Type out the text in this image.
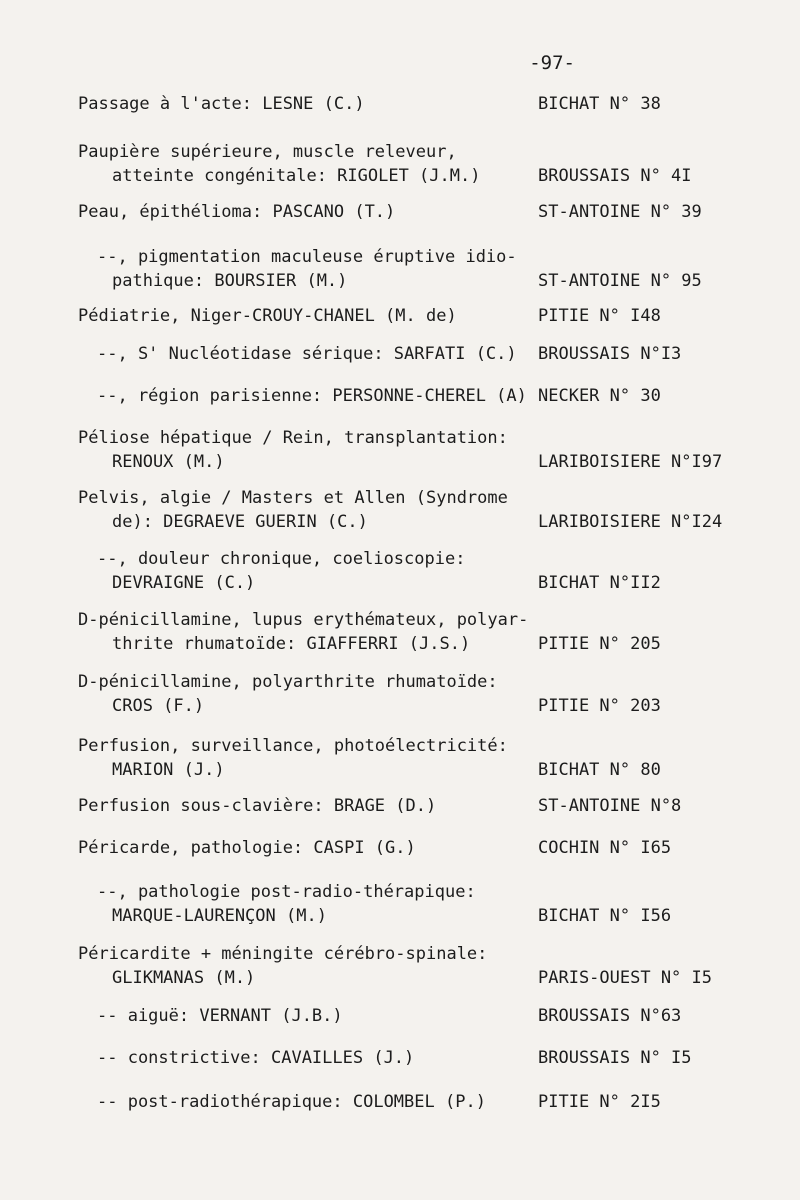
-97-
Passage à l'acte: LESNE (C.)	BICHAT N° 38
Paupière supérieure, muscle releveur,
atteinte congénitale: RIGOLET (J.M.)	BROUSSAIS N° 4I
Peau, épithélioma: PASCANO (T.)	ST-ANTOINE N° 39
--, pigmentation maculeuse éruptive idio-
pathique: BOURSIER (M.)	ST-ANTOINE N° 95
Pédiatrie, Niger-CROUY-CHANEL (M. de)	PITIE N° I48
--, S' Nucléotidase sérique: SARFATI (C.) BROUSSAIS N°I3
--, région parisienne: PERSONNE-CHEREL (A) NECKER N° 30
Péliose hépatique / Rein, transplantation:
RENOUX (M.)	LARIBOISIERE N°I97
Pelvis, algie / Masters et Allen (Syndrome
de): DEGRAEVE GUERIN (C.)	LARIBOISIERE N°I24
--, douleur chronique, coelioscopie:
DEVRAIGNE (C.)	BICHAT N°II2
D-pénicillamine, lupus erythémateux, polyar-
thrite rhumatoïde: GIAFFERRI (J.S.)	PITIE N° 205
D-pénicillamine, polyarthrite rhumatoïde:
CROS (F.)	PITIE N° 203
Perfusion, surveillance, photoélectricité:
MARION (J.)	BICHAT N° 80
Perfusion sous-clavière: BRAGE (D.)	ST-ANTOINE N°8
Péricarde, pathologie: CASPI (G.)	COCHIN N° I65
--, pathologie post-radio-thérapique:
MARQUE-LAURENÇON (M.)	BICHAT N° I56
Péricardite + méningite cérébro-spinale:
GLIKMANAS (M.)	PARIS-OUEST N° I5
-- aiguë: VERNANT (J.B.)	BROUSSAIS N°63
-- constrictive: CAVAILLES (J.)	BROUSSAIS N° I5
-- post-radiothérapique: COLOMBEL (P.)	PITIE N° 2I5
